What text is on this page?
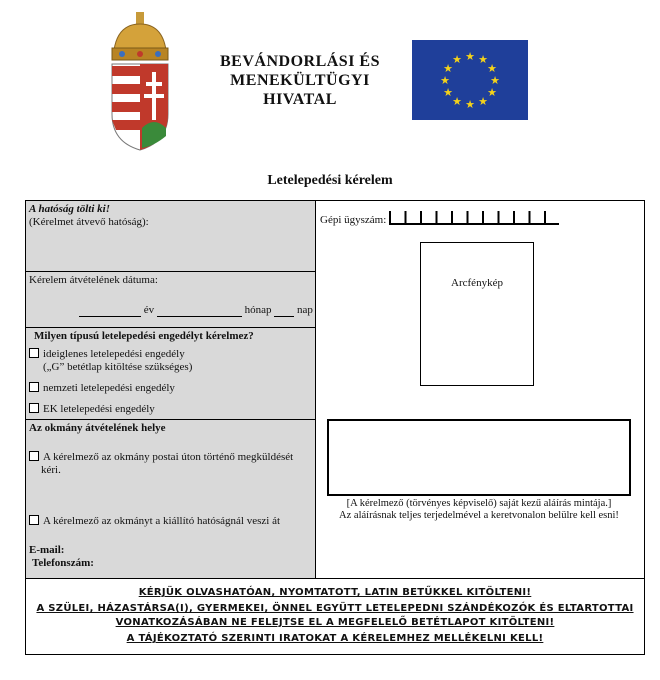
BEVÁNDORLÁSI ÉS
MENEKÜLTÜGYI
HIVATAL
★ ★
★
★
★
★
★
★
★
★
★
★
Letelepedési kérelem
A hatóság tölti ki!
(Kérelmet átvevő hatóság):
Kérelem átvételének dátuma:
év	hónap nap
Milyen típusú letelepedési engedélyt kérelmez?
ideiglenes letelepedési engedély
(„G” betétlap kitöltése szükséges)
nemzeti letelepedési engedély
EK letelepedési engedély
Az okmány átvételének helye
A kérelmező az okmány postai úton történő megküldését kéri.
A kérelmező az okmányt a kiállító hatóságnál veszi át
E-mail:
Telefonszám:
Gépi ügyszám:
Arcfénykép
[A kérelmező (törvényes képviselő) saját kezű aláírás mintája.]
Az aláírásnak teljes terjedelmével a keretvonalon belülre kell esni!
KÉRJÜK OLVASHATÓAN, NYOMTATOTT, LATIN BETŰKKEL KITÖLTENI!
A SZÜLEI, HÁZASTÁRSA(I), GYERMEKEI, ÖNNEL EGYÜTT LETELEPEDNI SZÁNDÉKOZÓK ÉS ELTARTOTTAI
VONATKOZÁSÁBAN NE FELEJTSE EL A MEGFELELŐ BETÉTLAPOT KITÖLTENI!
A TÁJÉKOZTATÓ SZERINTI IRATOKAT A KÉRELEMHEZ MELLÉKELNI KELL!
